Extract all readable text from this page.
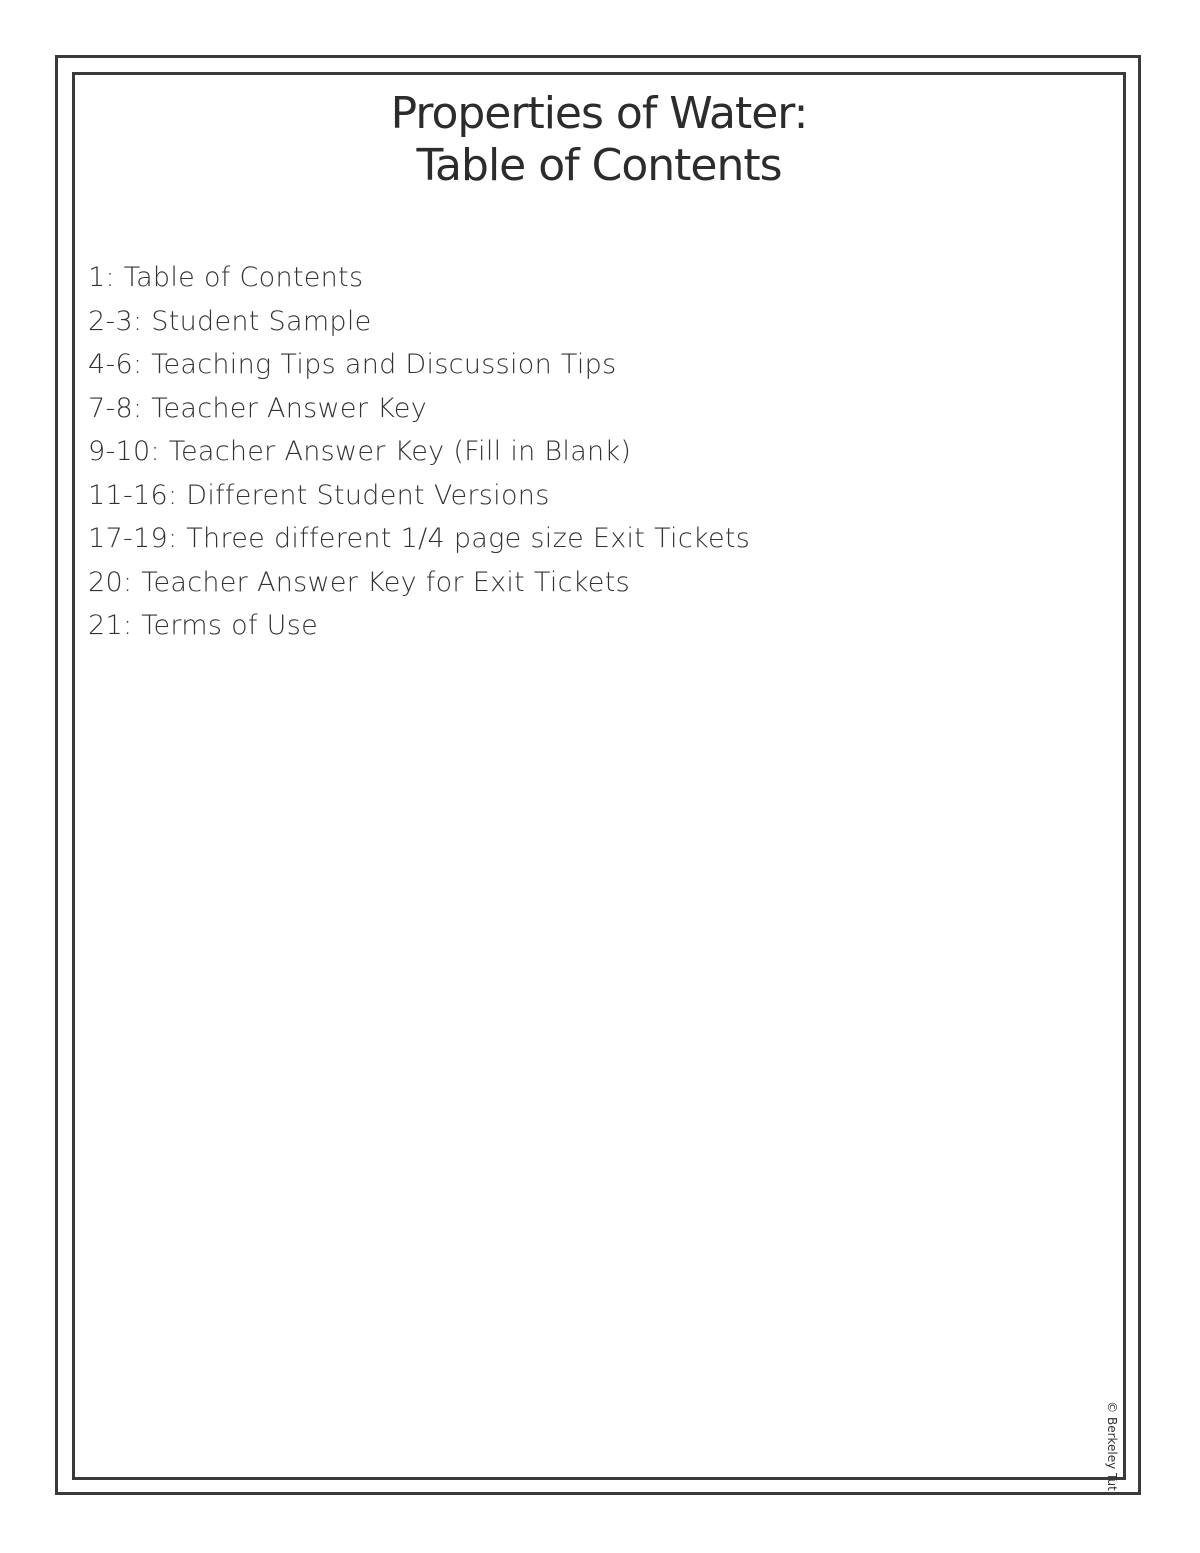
Properties of Water:
Table of Contents
1: Table of Contents
2-3: Student Sample
4-6: Teaching Tips and Discussion Tips
7-8: Teacher Answer Key
9-10: Teacher Answer Key (Fill in Blank)
11-16: Different Student Versions
17-19: Three different 1/4 page size Exit Tickets
20: Teacher Answer Key for Exit Tickets
21: Terms of Use
© Berkeley Tut
